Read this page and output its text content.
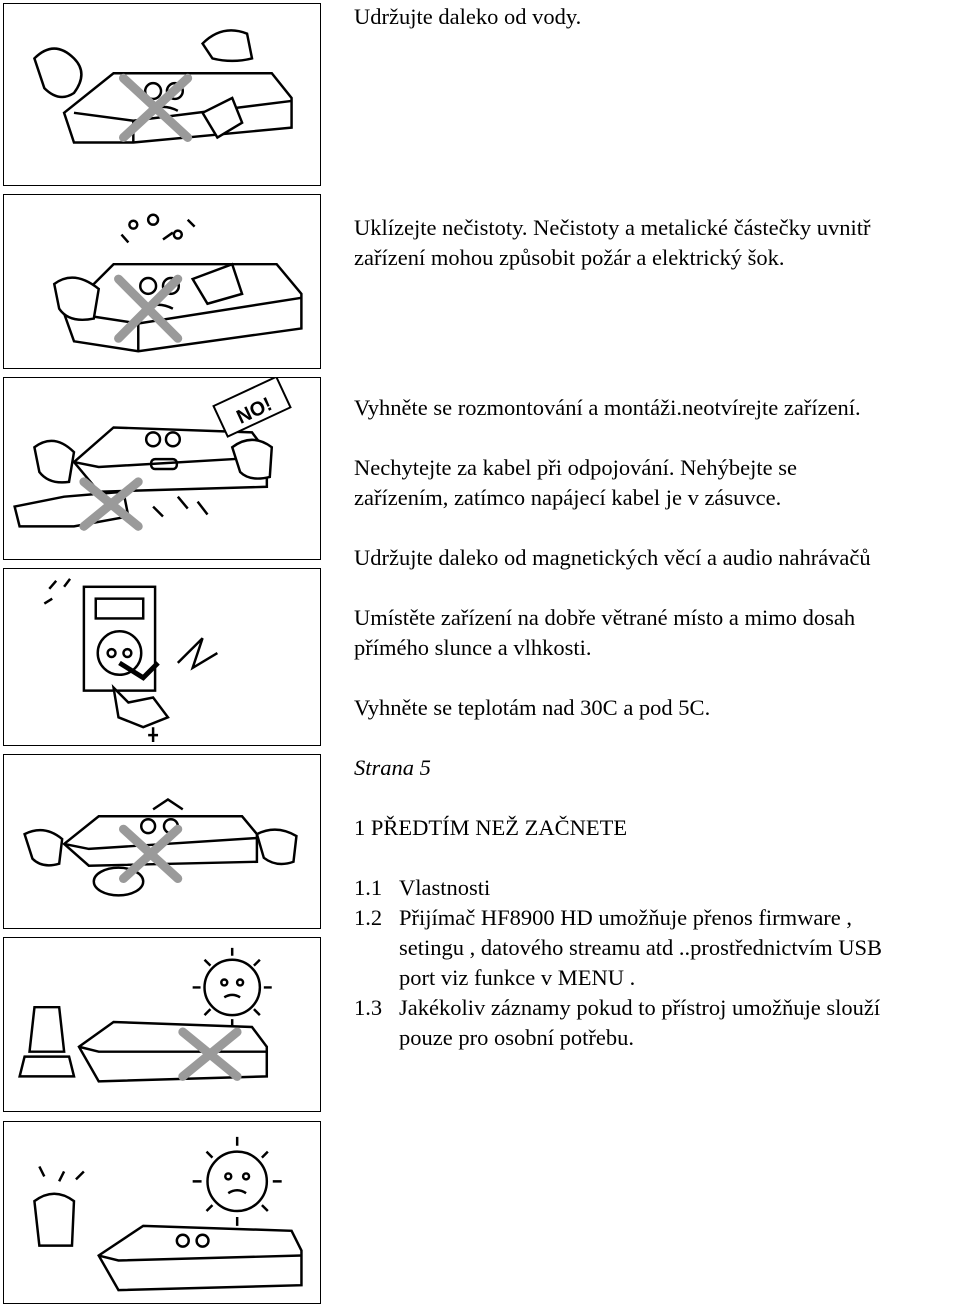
NO!
Udržujte daleko od vody.
Uklízejte nečistoty. Nečistoty a metalické částečky uvnitř
zařízení mohou způsobit požár a elektrický šok.
Vyhněte se rozmontování a montáži.neotvírejte zařízení.
Nechytejte za kabel při odpojování. Nehýbejte se
zařízením, zatímco napájecí kabel je v zásuvce.
Udržujte daleko od magnetických věcí a audio nahrávačů
Umístěte zařízení na dobře větrané místo a mimo dosah
přímého slunce a vlhkosti.
Vyhněte se teplotám nad 30C a pod 5C.
Strana 5
1 PŘEDTÍM NEŽ ZAČNETE
1.1 Vlastnosti
1.2 Přijímač HF8900 HD umožňuje přenos firmware ,
setingu , datového streamu atd ..prostřednictvím USB
port viz funkce v MENU .
1.3 Jakékoliv záznamy pokud to přístroj umožňuje slouží
pouze pro osobní potřebu.
